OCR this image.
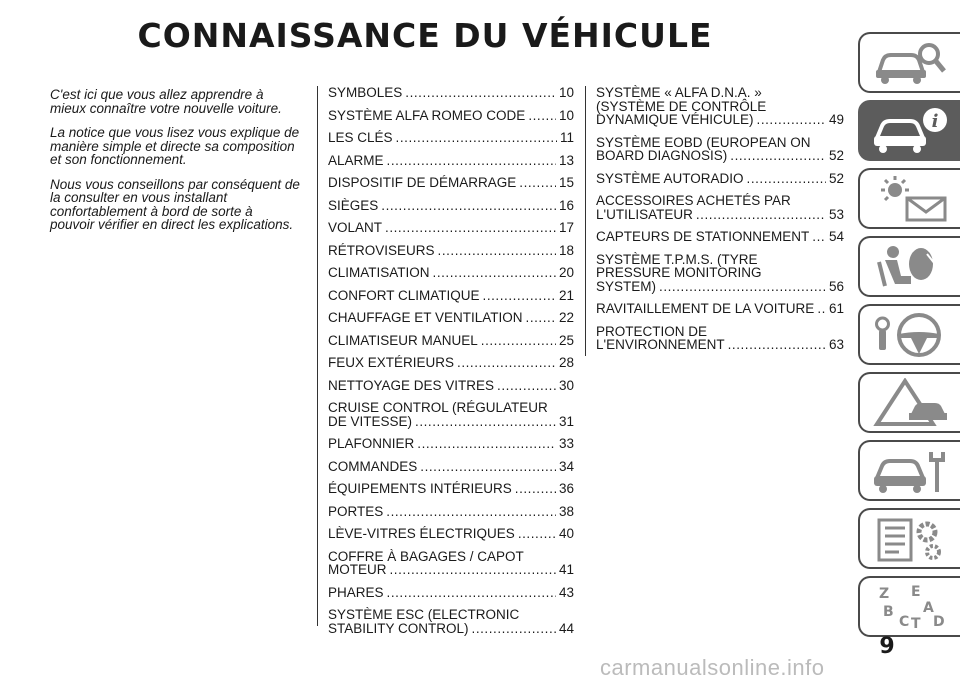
CONNAISSANCE DU VÉHICULE

C'est ici que vous allez apprendre à mieux connaître votre nouvelle voiture.

La notice que vous lisez vous explique de manière simple et directe sa composition et son fonctionnement.

Nous vous conseillons par conséquent de la consulter en vous installant confortablement à bord de sorte à pouvoir vérifier en direct les explications.

SYMBOLES . . .	10
SYSTÈME ALFA ROMEO CODE . . . 10
LES CLÉS . . .	11
ALARME . . .	13
DISPOSITIF DE DÉMARRAGE . . .	15
SIÈGES . . .	16
VOLANT . . .	17
RÉTROVISEURS . . .	18
CLIMATISATION . . .	20
CONFORT CLIMATIQUE . . .	21
CHAUFFAGE ET VENTILATION . . .	22
CLIMATISEUR MANUEL . . .	25
FEUX EXTÉRIEURS . . .	28
NETTOYAGE DES VITRES . . .	30
CRUISE CONTROL (RÉGULATEUR
DE VITESSE) . . .	31
PLAFONNIER . . .	33
COMMANDES . . .	34
ÉQUIPEMENTS INTÉRIEURS . . .	36
PORTES . . .	38
LÈVE-VITRES ÉLECTRIQUES . . .	40
COFFRE À BAGAGES / CAPOT
MOTEUR . . .	41
PHARES . . .	43
SYSTÈME ESC (ELECTRONIC
STABILITY CONTROL) . . .	44
SYSTÈME « ALFA D.N.A. »
(SYSTÈME DE CONTRÔLE
DYNAMIQUE VÉHICULE) . . .	49
SYSTÈME EOBD (EUROPEAN ON
BOARD DIAGNOSIS) . . .	52
SYSTÈME AUTORADIO . . .	52
ACCESSOIRES ACHETÉS PAR
L'UTILISATEUR . . .	53
CAPTEURS DE STATIONNEMENT . . . 54
SYSTÈME T.P.M.S. (TYRE
PRESSURE MONITORING
SYSTEM) . . .	56
RAVITAILLEMENT DE LA VOITURE . . . 61
PROTECTION DE
L'ENVIRONNEMENT . . .	63
i
Z E
B A
C T D
9
carmanualsonline.info
